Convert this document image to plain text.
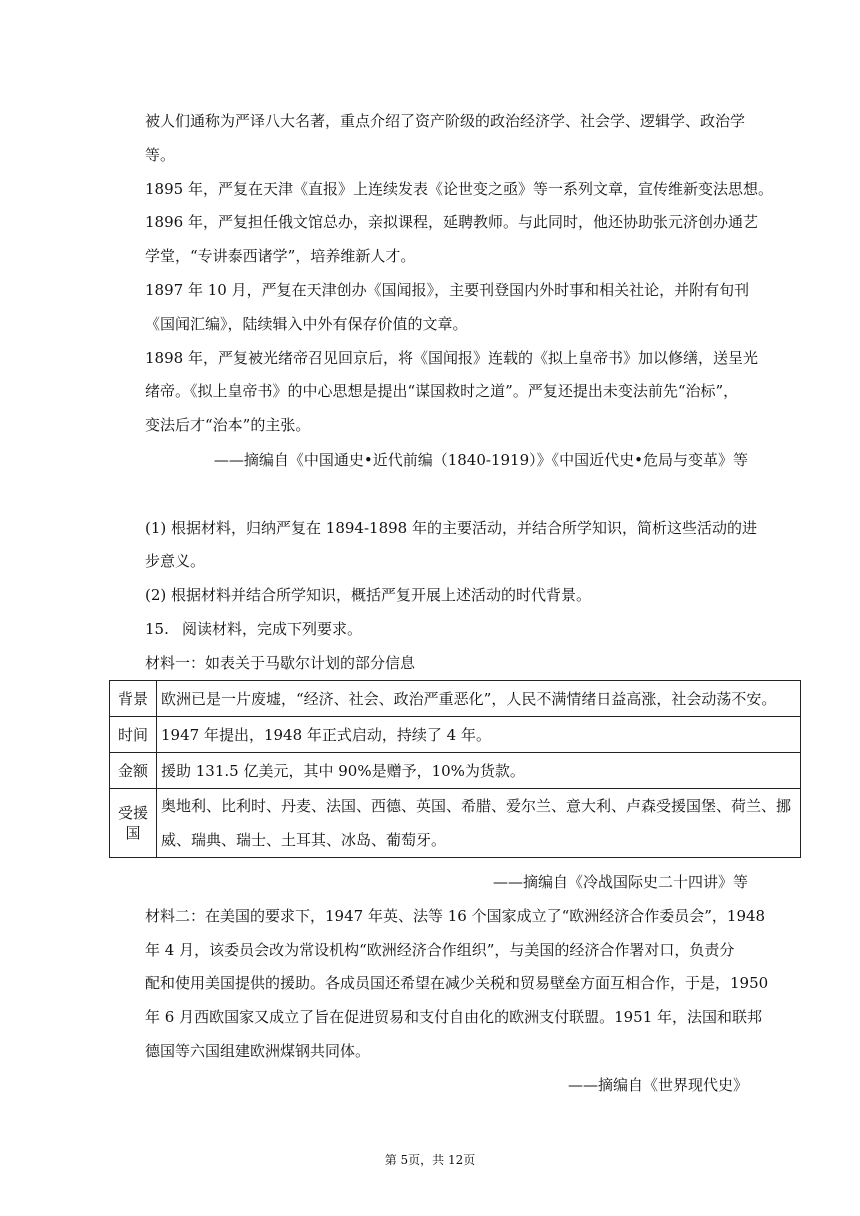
被人们通称为严译八大名著，重点介绍了资产阶级的政治经济学、社会学、逻辑学、政治学
等。
1895 年，严复在天津《直报》上连续发表《论世变之亟》等一系列文章，宣传维新变法思想。
1896 年，严复担任俄文馆总办，亲拟课程，延聘教师。与此同时，他还协助张元济创办通艺
学堂，“专讲泰西诸学”，培养维新人才。
1897 年 10 月，严复在天津创办《国闻报》，主要刊登国内外时事和相关社论，并附有旬刊
《国闻汇编》，陆续辑入中外有保存价值的文章。
1898 年，严复被光绪帝召见回京后，将《国闻报》连载的《拟上皇帝书》加以修缮，送呈光
绪帝。《拟上皇帝书》的中心思想是提出“谋国救时之道”。严复还提出未变法前先“治标”，
变法后才“治本”的主张。
——摘编自《中国通史•近代前编（1840-1919）》《中国近代史•危局与变革》等
(1) 根据材料，归纳严复在 1894-1898 年的主要活动，并结合所学知识，简析这些活动的进
步意义。
(2) 根据材料并结合所学知识，概括严复开展上述活动的时代背景。
15. 阅读材料，完成下列要求。
材料一：如表关于马歇尔计划的部分信息
背景	欧洲已是一片废墟，“经济、社会、政治严重恶化”，人民不满情绪日益高涨，社会动荡不安。
时间	1947 年提出，1948 年正式启动，持续了 4 年。
金额	援助 131.5 亿美元，其中 90%是赠予，10%为货款。
受援国	奥地利、比利时、丹麦、法国、西德、英国、希腊、爱尔兰、意大利、卢森受援国堡、荷兰、挪
威、瑞典、瑞士、土耳其、冰岛、葡萄牙。
——摘编自《冷战国际史二十四讲》等
材料二：在美国的要求下，1947 年英、法等 16 个国家成立了“欧洲经济合作委员会”，1948
年 4 月，该委员会改为常设机构“欧洲经济合作组织”，与美国的经济合作署对口，负责分
配和使用美国提供的援助。各成员国还希望在减少关税和贸易壁垒方面互相合作，于是，1950
年 6 月西欧国家又成立了旨在促进贸易和支付自由化的欧洲支付联盟。1951 年，法国和联邦
德国等六国组建欧洲煤钢共同体。
——摘编自《世界现代史》
第 5页，共 12页
